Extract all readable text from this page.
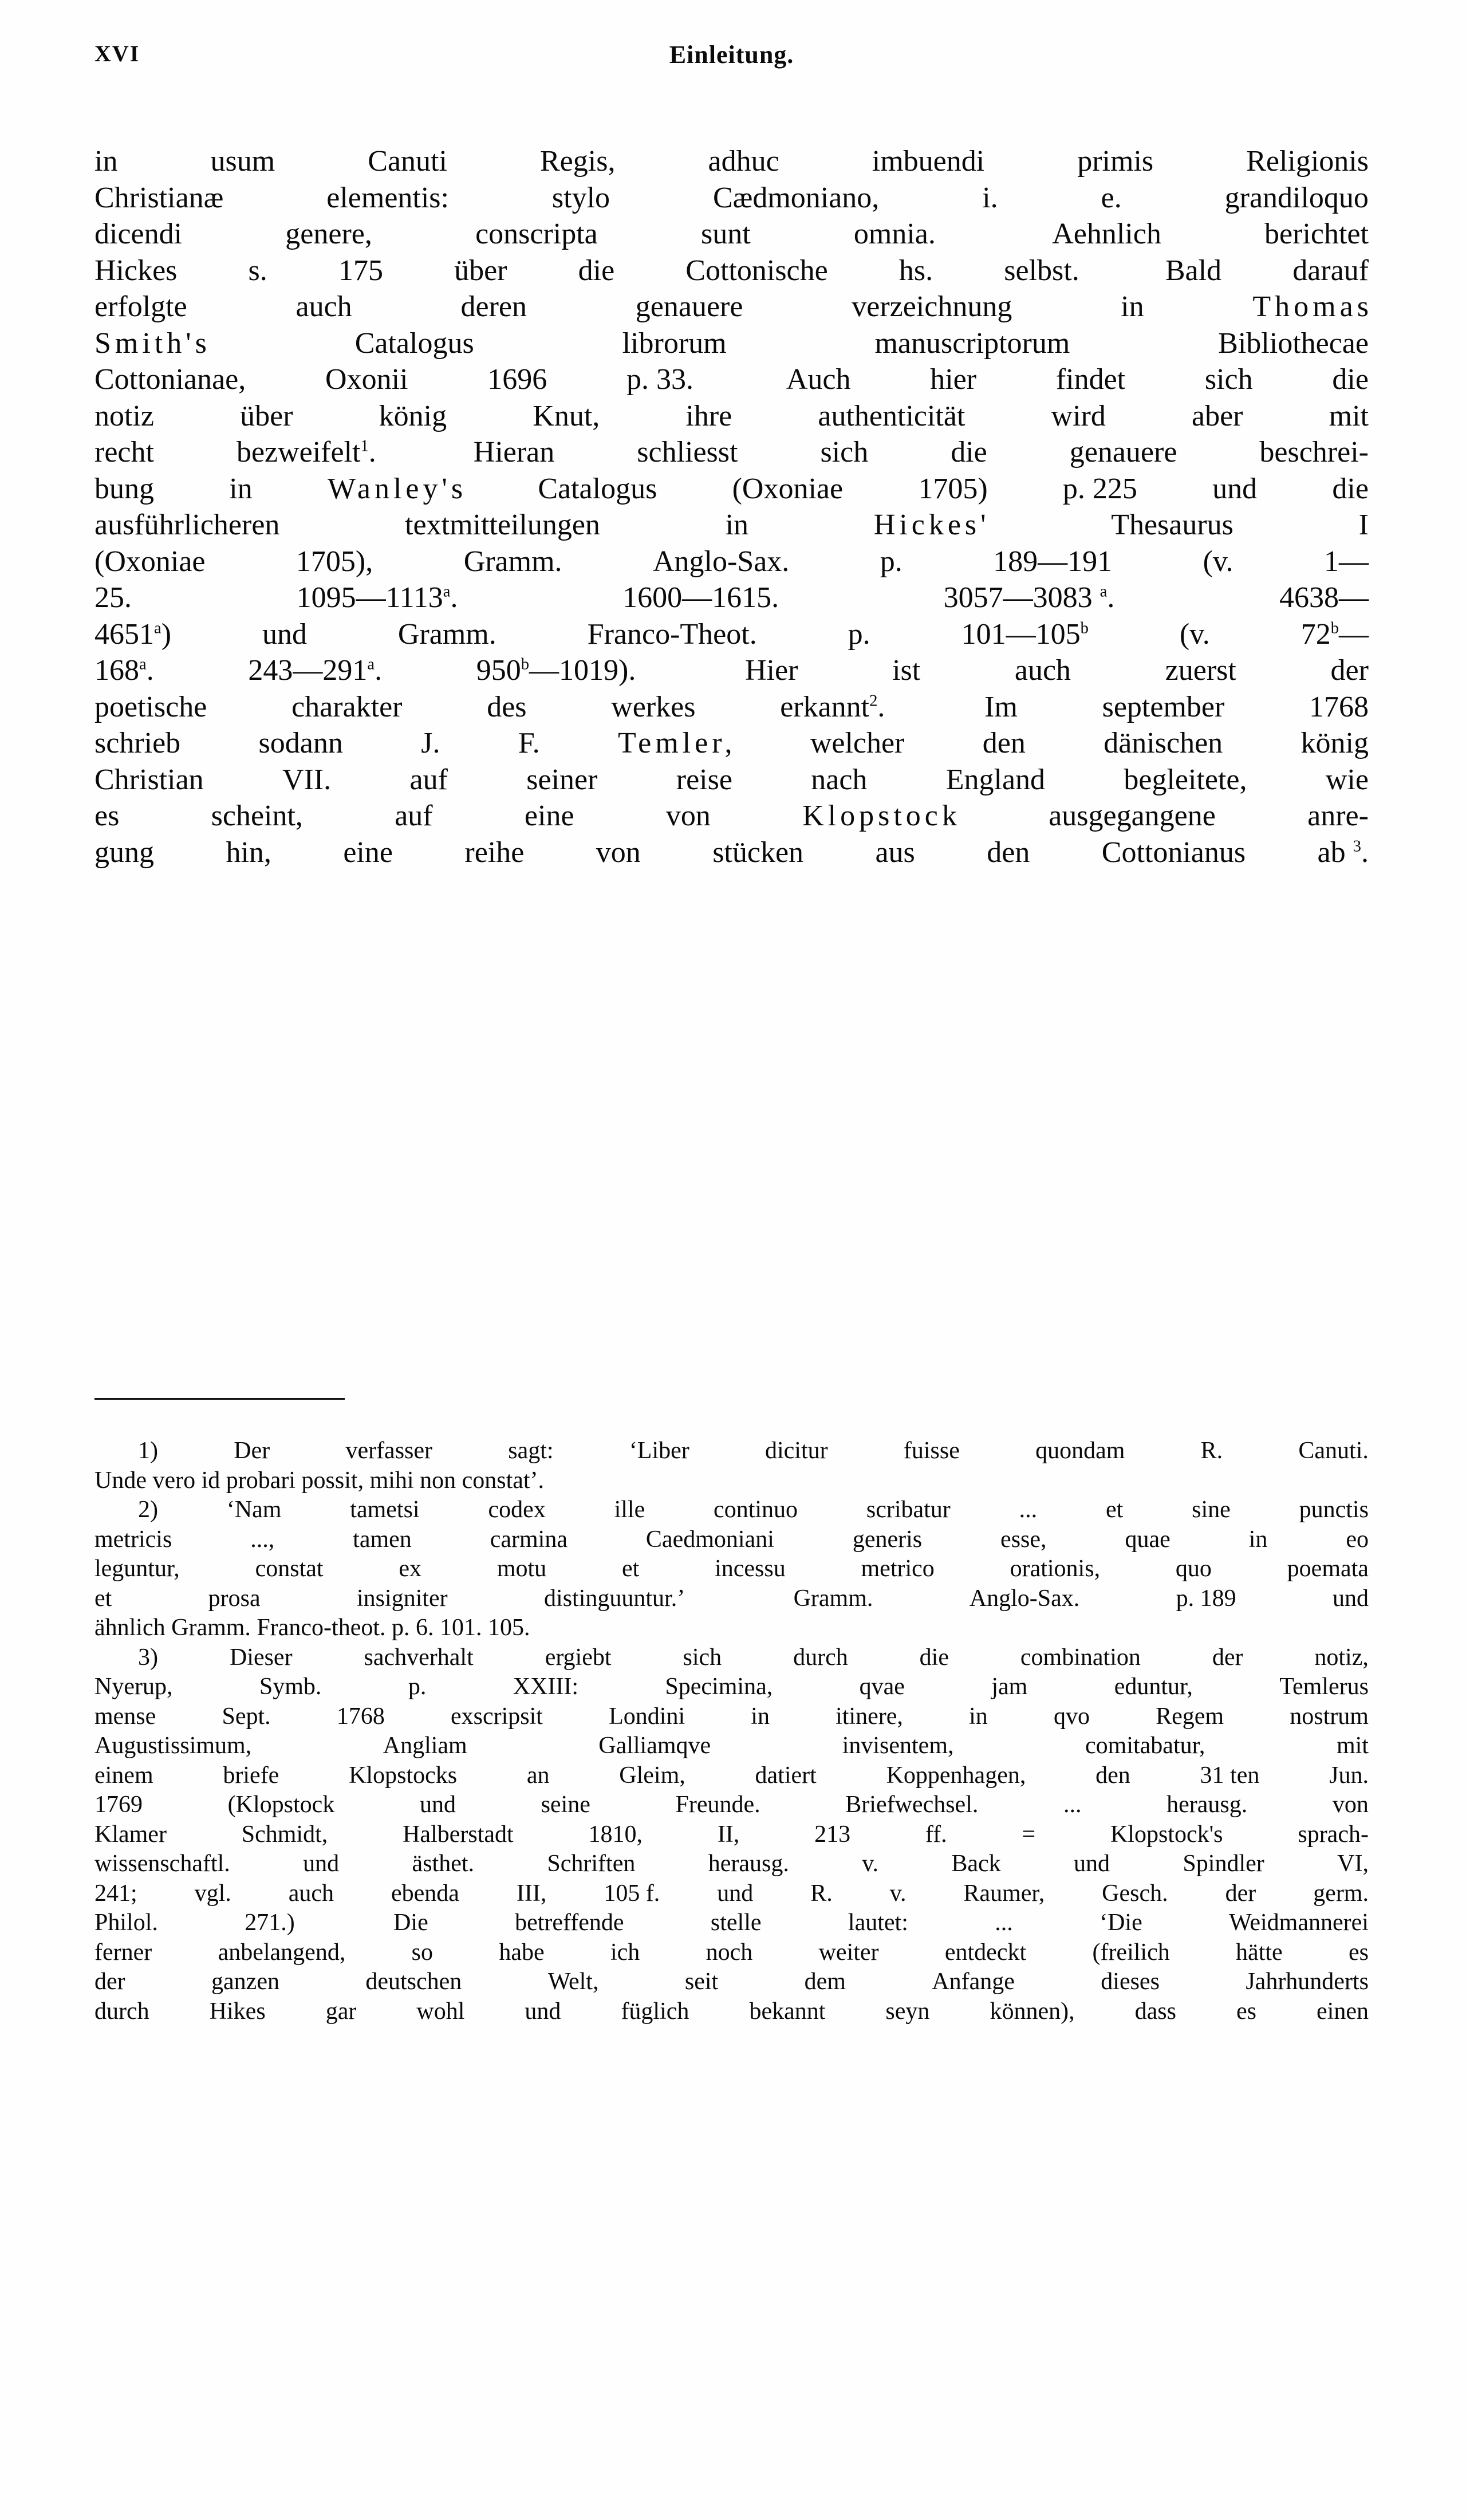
XVI	Einleitung.
in	usum	Canuti	Regis,	adhuc	imbuendi	primis	Religionis
Christianæ	elementis:	stylo	Cædmoniano,	i.	e.	grandiloquo
dicendi	genere,	conscripta	sunt	omnia.	Aehnlich	berichtet
Hickes s. 175 über die Cottonische hs. selbst. Bald darauf
erfolgte	auch	deren	genauere	verzeichnung	in	Thomas
Smith's	Catalogus	librorum	manuscriptorum	Bibliothecae
Cottonianae,	Oxonii	1696	p. 33.	Auch	hier	findet	sich	die
notiz	über	könig	Knut,	ihre	authenticität	wird	aber	mit
recht	bezweifelt$^1$.	Hieran	schliesst	sich	die	genauere	beschrei-
bung	in	Wanley's Catalogus	(Oxoniae	1705)	p. 225	und	die
ausführlicheren	textmitteilungen	in	Hickes'	Thesaurus	I
(Oxoniae	1705),	Gramm.	Anglo‑Sax.	p.	189—191	(v.	1—
25.	1095—1113$^a$.	1600—1615.	3057—3083 $^a$.	4638—
4651$^a$)	und	Gramm.	Franco‑Theot.	p.	101—105$^b$	(v.	72$^b$—
168$^a$.	243—291$^a$.	950$^b$—1019).	Hier	ist	auch	zuerst	der
poetische	charakter	des	werkes	erkannt$^2$.	Im	september	1768
schrieb	sodann	J.	F.	Temler, welcher	den	dänischen	könig
Christian	VII.	auf	seiner	reise	nach	England	begleitete,	wie
es	scheint,	auf	eine	von	Klopstock	ausgegangene	anre-
gung hin, eine reihe von stücken aus den Cottonianus ab $^3$.
1)	Der	verfasser	sagt:	‘Liber	dicitur	fuisse	quondam	R.	Canuti.
Unde vero id probari possit, mihi non constat’.
2)	‘Nam	tametsi	codex	ille	continuo	scribatur	...	et	sine	punctis
metricis	...,	tamen	carmina	Caedmoniani	generis	esse,	quae	in	eo
leguntur,	constat	ex	motu	et	incessu	metrico	orationis,	quo	poemata
et	prosa	insigniter	distinguuntur.’	Gramm.	Anglo‑Sax.	p. 189	und
ähnlich Gramm. Franco‑theot. p. 6. 101. 105.
3)	Dieser	sachverhalt	ergiebt	sich	durch	die	combination	der	notiz,
Nyerup,	Symb.	p.	XXIII:	Specimina,	qvae	jam	eduntur,	Temlerus
mense	Sept.	1768	exscripsit	Londini	in	itinere,	in	qvo	Regem	nostrum
Augustissimum,	Angliam	Galliamqve	invisentem,	comitabatur,	mit
einem	briefe	Klopstocks	an	Gleim,	datiert	Koppenhagen,	den	31 ten	Jun.
1769	(Klopstock	und	seine	Freunde.	Briefwechsel.	...	herausg.	von
Klamer	Schmidt,	Halberstadt	1810,	II,	213	ff.	=	Klopstock's	sprach-
wissenschaftl.	und	ästhet.	Schriften	herausg.	v.	Back	und	Spindler	VI,
241; vgl. auch ebenda III, 105 f. und R. v. Raumer, Gesch. der germ.
Philol.	271.)	Die	betreffende	stelle	lautet:	...	‘Die	Weidmannerei
ferner	anbelangend,	so	habe	ich	noch	weiter	entdeckt	(freilich	hätte	es
der	ganzen	deutschen	Welt,	seit	dem	Anfange	dieses	Jahrhunderts
durch	Hikes	gar	wohl	und	füglich	bekannt	seyn	können),	dass	es	einen
